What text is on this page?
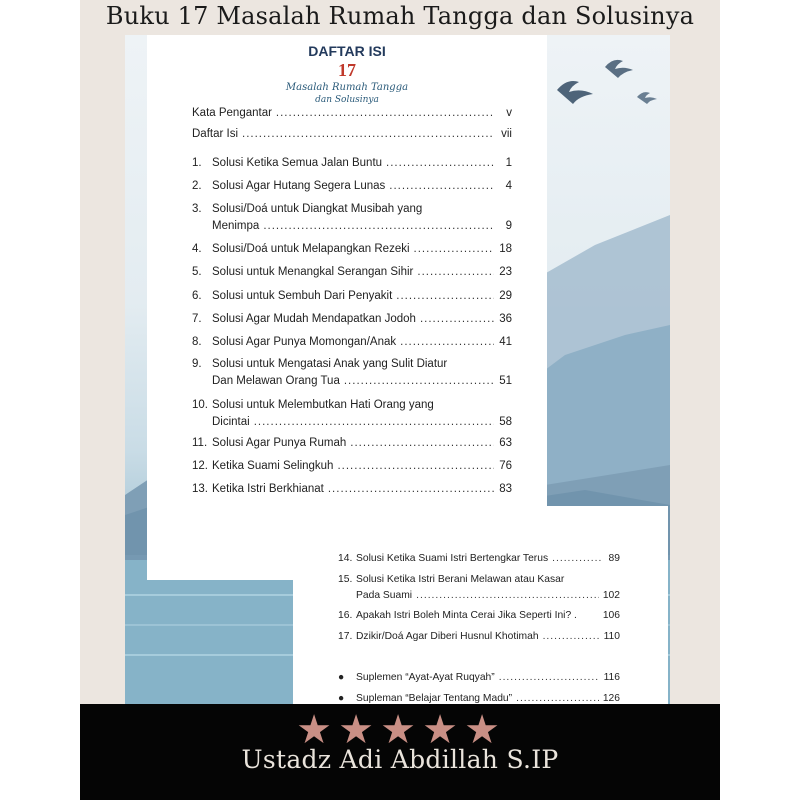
Buku 17 Masalah Rumah Tangga dan Solusinya
DAFTAR ISI
17
Masalah Rumah Tangga
dan Solusinya
Kata Pengantar .....	v
Daftar Isi .....	vii
1. Solusi Ketika Semua Jalan Buntu .....	1
2. Solusi Agar Hutang Segera Lunas .....	4
3. Solusi/Doá untuk Diangkat Musibah yang
Menimpa .....	9
4. Solusi/Doá untuk Melapangkan Rezeki .....	18
5. Solusi untuk Menangkal Serangan Sihir .....	23
6. Solusi untuk Sembuh Dari Penyakit .....	29
7. Solusi Agar Mudah Mendapatkan Jodoh .....	36
8. Solusi Agar Punya Momongan/Anak .....	41
9. Solusi untuk Mengatasi Anak yang Sulit Diatur
Dan Melawan Orang Tua .....	51
10. Solusi untuk Melembutkan Hati Orang yang
Dicintai .....	58
11. Solusi Agar Punya Rumah .....	63
12. Ketika Suami Selingkuh .....	76
13. Ketika Istri Berkhianat .....	83
14. Solusi Ketika Suami Istri Bertengkar Terus .....	89
15. Solusi Ketika Istri Berani Melawan atau Kasar
Pada Suami .....	102
16. Apakah Istri Boleh Minta Cerai Jika Seperti Ini? .	106
17. Dzikir/Doá Agar Diberi Husnul Khotimah .....	110
●	Suplemen “Ayat-Ayat Ruqyah” .....	116
●	Supleman “Belajar Tentang Madu” .....	126
★ ★ ★ ★ ★
Ustadz Adi Abdillah S.IP
